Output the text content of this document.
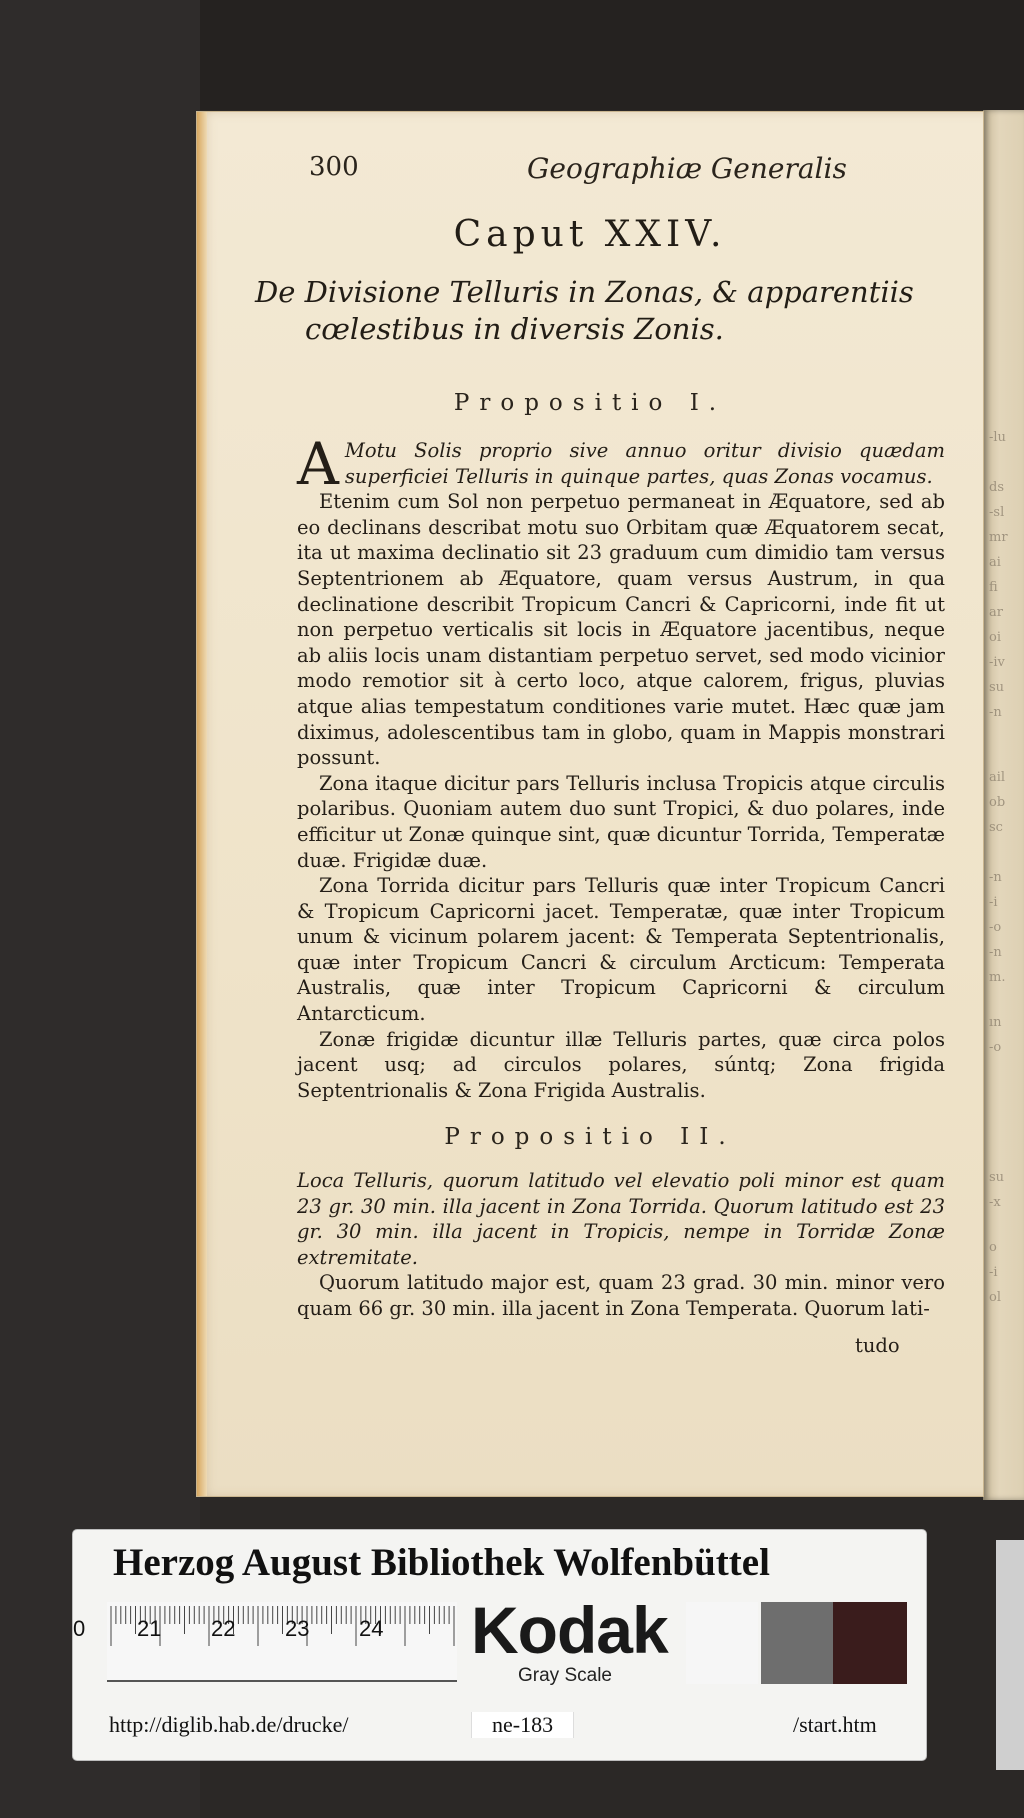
-lu
ds
-sl
mr
ai
fi
ar
oi
-iv
su
-n
ail
ob
sc
-n
-i
-o
-n
m.
ın
-o
su
-x
o
-i
ol
300	Geographiæ Generalis
Caput XXIV.
De Divisione Telluris in Zonas, & apparentiis
cœlestibus in diversis Zonis.
Propositio I.

A Motu Solis proprio sive annuo oritur divisio quædam superficiei Telluris in quinque partes, quas Zonas vocamus.

Etenim cum Sol non perpetuo permaneat in Æquatore, sed ab eo declinans describat motu suo Orbitam quæ Æquatorem secat, ita ut maxima declinatio sit 23 graduum cum dimidio tam versus Septentrionem ab Æquatore, quam versus Austrum, in qua declinatione describit Tropicum Cancri & Capricorni, inde fit ut non perpetuo verticalis sit locis in Æquatore jacentibus, neque ab aliis locis unam distantiam perpetuo servet, sed modo vicinior modo remotior sit à certo loco, atque calorem, frigus, pluvias atque alias tempestatum conditiones varie mutet. Hæc quæ jam diximus, adolescentibus tam in globo, quam in Mappis monstrari possunt.

Zona itaque dicitur pars Telluris inclusa Tropicis atque circulis polaribus. Quoniam autem duo sunt Tropici, & duo polares, inde efficitur ut Zonæ quinque sint, quæ dicuntur Torrida, Temperatæ duæ. Frigidæ duæ.

Zona Torrida dicitur pars Telluris quæ inter Tropicum Cancri & Tropicum Capricorni jacet. Temperatæ, quæ inter Tropicum unum & vicinum polarem jacent: & Temperata Septentrionalis, quæ inter Tropicum Cancri & circulum Arcticum: Temperata Australis, quæ inter Tropicum Capricorni & circulum Antarcticum.

Zonæ frigidæ dicuntur illæ Telluris partes, quæ circa polos jacent usq; ad circulos polares, súntq; Zona frigida Septentrionalis & Zona Frigida Australis.

Propositio II.

Loca Telluris, quorum latitudo vel elevatio poli minor est quam 23 gr. 30 min. illa jacent in Zona Torrida. Quorum latitudo est 23 gr. 30 min. illa jacent in Tropicis, nempe in Torridæ Zonæ extremitate.

Quorum latitudo major est, quam 23 grad. 30 min. minor vero quam 66 gr. 30 min. illa jacent in Zona Temperata. Quorum lati-

tudo
Herzog August Bibliothek Wolfenbüttel
0 21 22 23 24 Kodak
Gray Scale
http://diglib.hab.de/drucke/	ne-183	/start.htm
